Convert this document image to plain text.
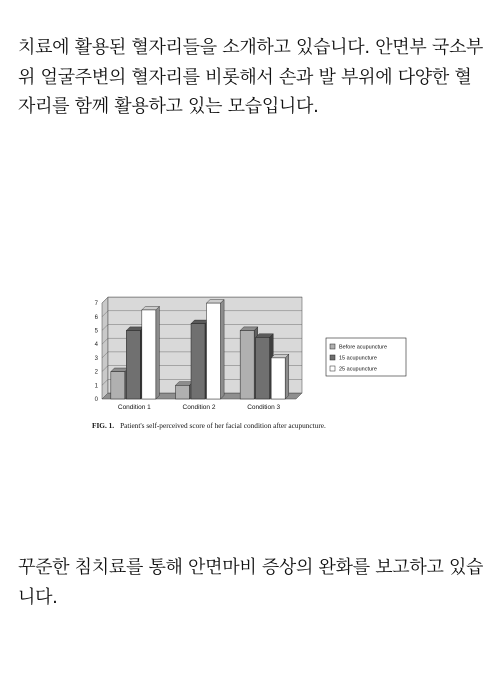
치료에 활용된 혈자리들을 소개하고 있습니다. 안면부 국소부위 얼굴주변의 혈자리를 비롯해서 손과 발 부위에 다양한 혈자리를 함께 활용하고 있는 모습입니다.

0
1
2
3
4
5
6
7
Condition 1	Condition 2	Condition 3
Before acupuncture
15 acupuncture
25 acupuncture
FIG. 1. Patient's self-perceived score of her facial condition after acupuncture.

꾸준한 침치료를 통해 안면마비 증상의 완화를 보고하고 있습니다.
